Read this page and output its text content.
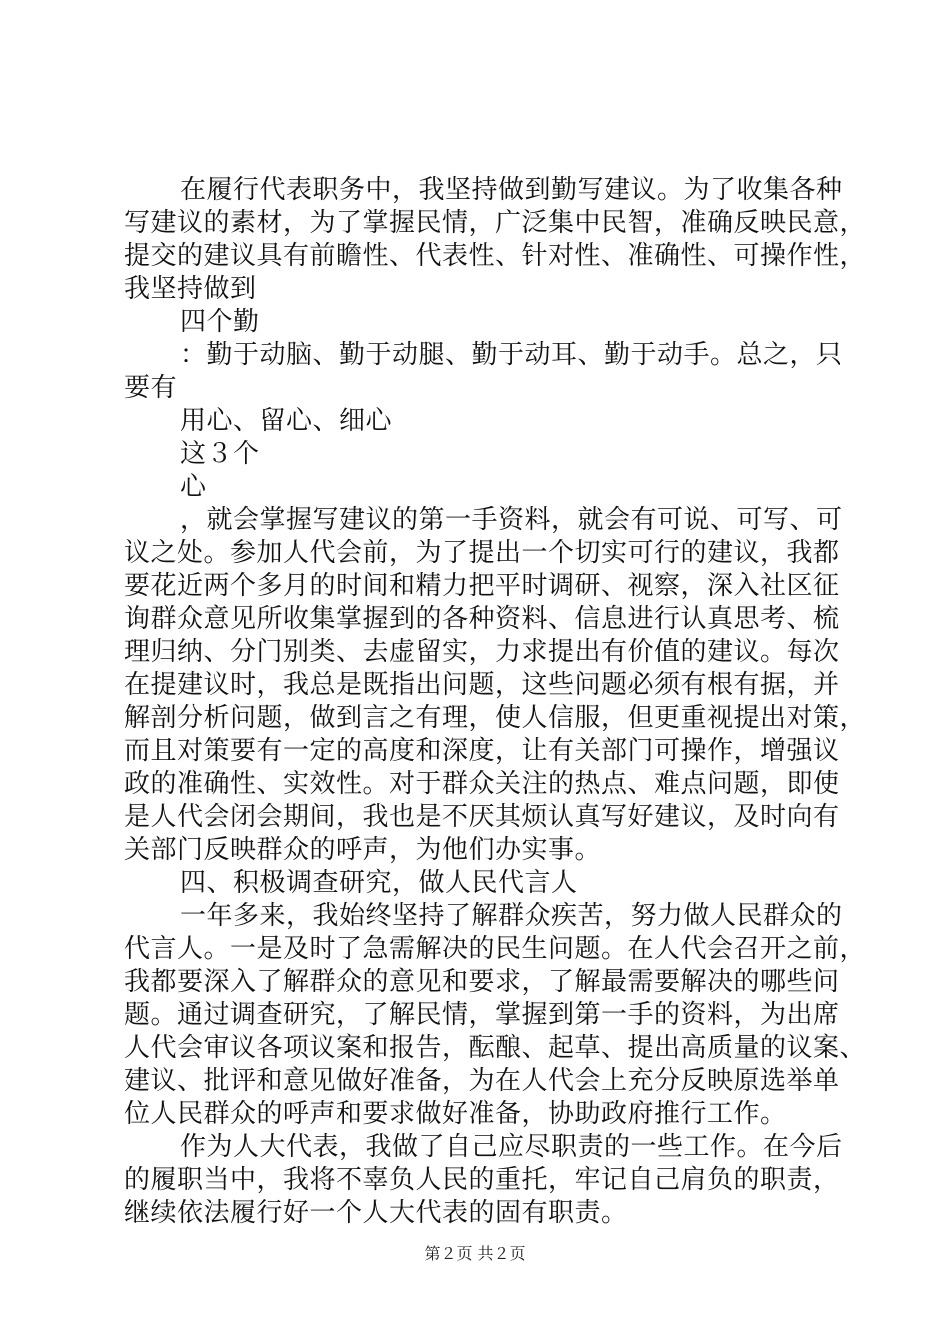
在履行代表职务中，我坚持做到勤写建议。为了收集各种
写建议的素材，为了掌握民情，广泛集中民智，准确反映民意，
提交的建议具有前瞻性、代表性、针对性、准确性、可操作性，
我坚持做到
四个勤
：勤于动脑、勤于动腿、勤于动耳、勤于动手。总之，只
要有
用心、留心、细心
这３个
心
，就会掌握写建议的第一手资料，就会有可说、可写、可
议之处。参加人代会前，为了提出一个切实可行的建议，我都
要花近两个多月的时间和精力把平时调研、视察，深入社区征
询群众意见所收集掌握到的各种资料、信息进行认真思考、梳
理归纳、分门别类、去虚留实，力求提出有价值的建议。每次
在提建议时，我总是既指出问题，这些问题必须有根有据，并
解剖分析问题，做到言之有理，使人信服，但更重视提出对策，
而且对策要有一定的高度和深度，让有关部门可操作，增强议
政的准确性、实效性。对于群众关注的热点、难点问题，即使
是人代会闭会期间，我也是不厌其烦认真写好建议，及时向有
关部门反映群众的呼声，为他们办实事。
四、积极调查研究，做人民代言人
一年多来，我始终坚持了解群众疾苦，努力做人民群众的
代言人。一是及时了急需解决的民生问题。在人代会召开之前，
我都要深入了解群众的意见和要求，了解最需要解决的哪些问
题。通过调查研究，了解民情，掌握到第一手的资料，为出席
人代会审议各项议案和报告，酝酿、起草、提出高质量的议案、
建议、批评和意见做好准备，为在人代会上充分反映原选举单
位人民群众的呼声和要求做好准备，协助政府推行工作。
作为人大代表，我做了自己应尽职责的一些工作。在今后
的履职当中，我将不辜负人民的重托，牢记自己肩负的职责，
继续依法履行好一个人大代表的固有职责。
第２页 共２页
